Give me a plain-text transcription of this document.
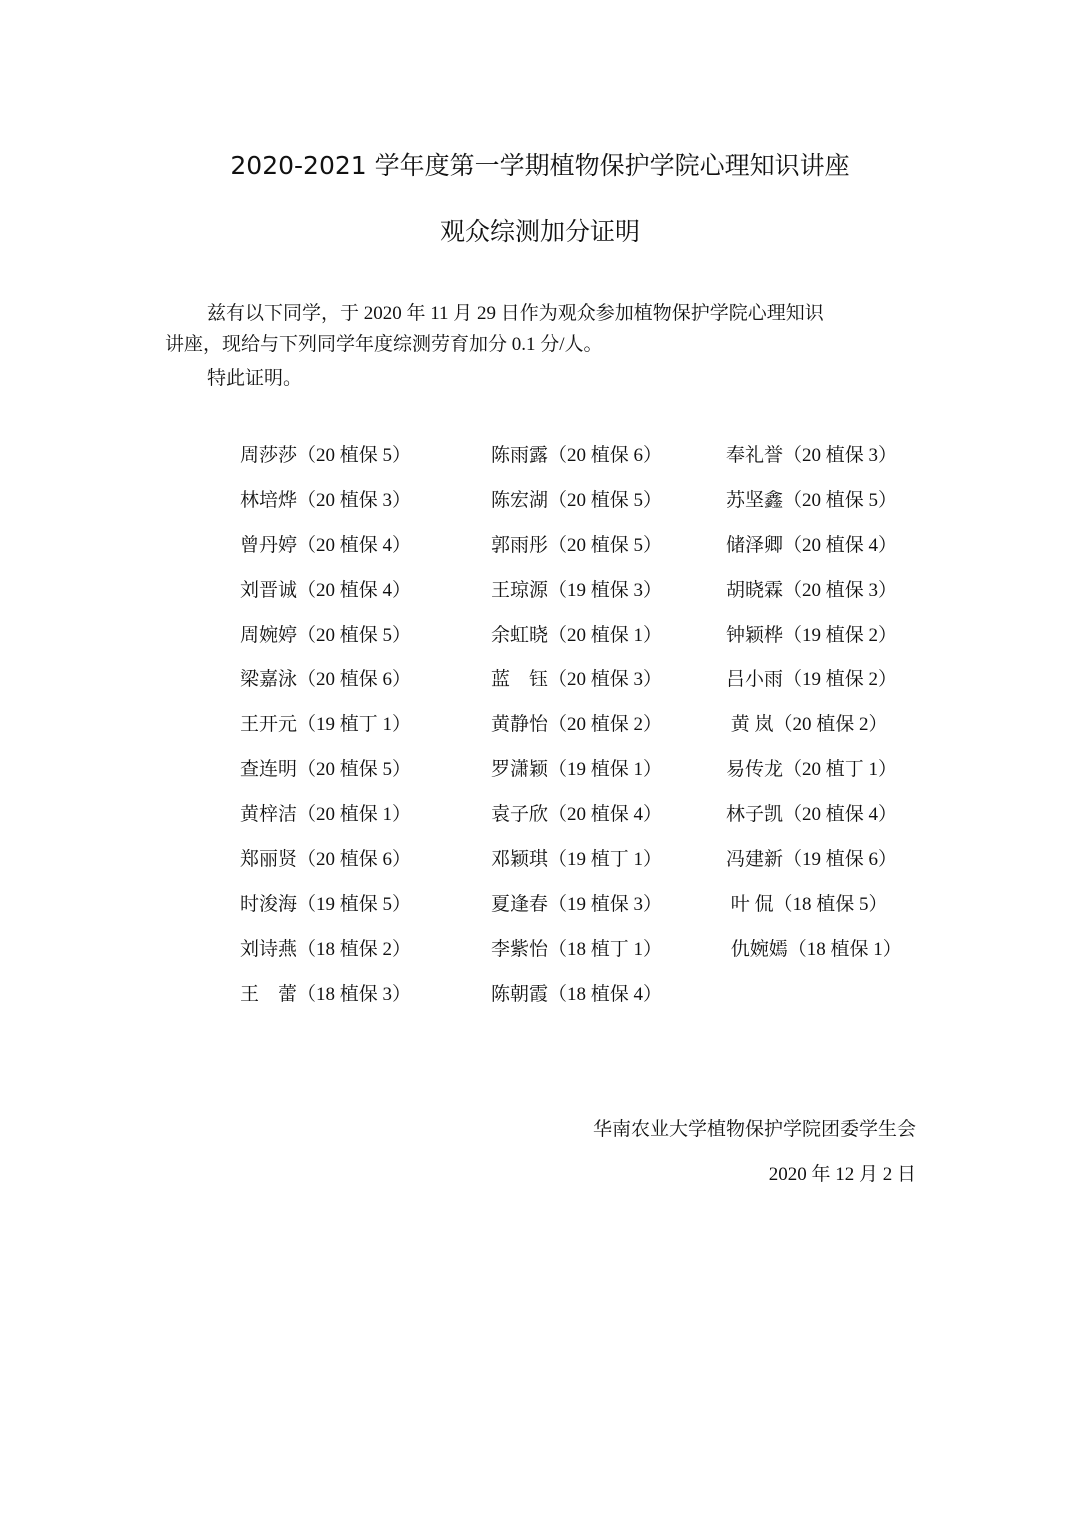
2020-2021 学年度第一学期植物保护学院心理知识讲座
观众综测加分证明
兹有以下同学，于 2020 年 11 月 29 日作为观众参加植物保护学院心理知识
讲座，现给与下列同学年度综测劳育加分 0.1 分/人。
特此证明。
周莎莎（20 植保 5）	陈雨露（20 植保 6）	奉礼誉（20 植保 3）
林培烨（20 植保 3）	陈宏湖（20 植保 5）	苏坚鑫（20 植保 5）
曾丹婷（20 植保 4）	郭雨彤（20 植保 5）	储泽卿（20 植保 4）
刘晋诚（20 植保 4）	王琼源（19 植保 3）	胡晓霖（20 植保 3）
周婉婷（20 植保 5）	余虹晓（20 植保 1）	钟颖桦（19 植保 2）
梁嘉泳（20 植保 6）	蓝　钰（20 植保 3）	吕小雨（19 植保 2）
王开元（19 植丁 1）	黄静怡（20 植保 2）	黄 岚（20 植保 2）
查连明（20 植保 5）	罗潇颖（19 植保 1）	易传龙（20 植丁 1）
黄梓洁（20 植保 1）	袁子欣（20 植保 4）	林子凯（20 植保 4）
郑丽贤（20 植保 6）	邓颖琪（19 植丁 1）	冯建新（19 植保 6）
时浚海（19 植保 5）	夏逢春（19 植保 3）	叶 侃（18 植保 5）
刘诗燕（18 植保 2）	李紫怡（18 植丁 1）	仇婉嫣（18 植保 1）
王　蕾（18 植保 3）	陈朝霞（18 植保 4）
华南农业大学植物保护学院团委学生会
2020 年 12 月 2 日
